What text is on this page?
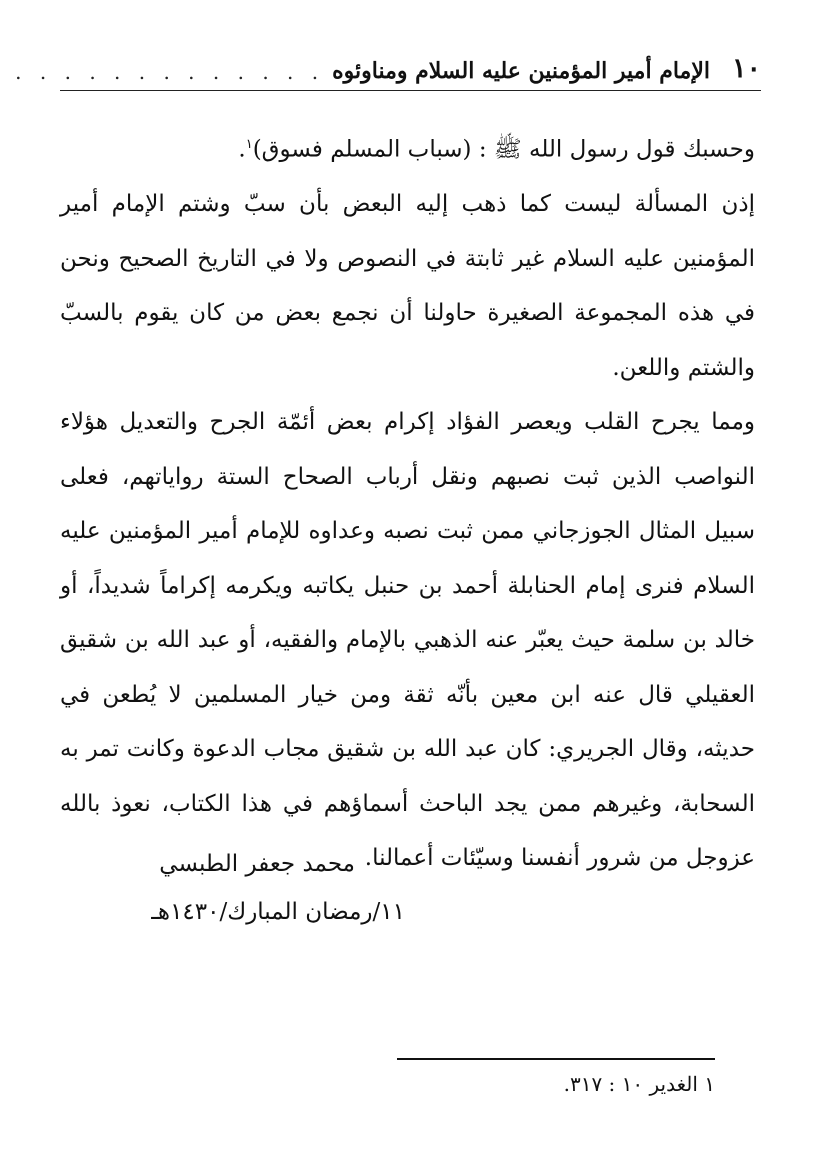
١٠
الإمام أمير المؤمنين عليه السلام ومناوئوه
. . . . . . . . . . . . .

وحسبك قول رسول الله ﷺ : (سباب المسلم فسوق)$^١$.

إذن المسألة ليست كما ذهب إليه البعض بأن سبّ وشتم الإمام أمير المؤمنين عليه السلام غير ثابتة في النصوص ولا في التاريخ الصحيح ونحن في هذه المجموعة الصغيرة حاولنا أن نجمع بعض من كان يقوم بالسبّ والشتم واللعن.

ومما يجرح القلب ويعصر الفؤاد إكرام بعض أئمّة الجرح والتعديل هؤلاء النواصب الذين ثبت نصبهم ونقل أرباب الصحاح الستة رواياتهم، فعلى سبيل المثال الجوزجاني ممن ثبت نصبه وعداوه للإمام أمير المؤمنين عليه السلام فنرى إمام الحنابلة أحمد بن حنبل يكاتبه ويكرمه إكراماً شديداً، أو خالد بن سلمة حيث يعبّر عنه الذهبي بالإمام والفقيه، أو عبد الله بن شقيق العقيلي قال عنه ابن معين بأنّه ثقة ومن خيار المسلمين لا يُطعن في حديثه، وقال الجريري: كان عبد الله بن شقيق مجاب الدعوة وكانت تمر به السحابة، وغيرهم ممن يجد الباحث أسماؤهم في هذا الكتاب، نعوذ بالله عزوجل من شرور أنفسنا وسيّئات أعمالنا.

محمد جعفر الطبسي
١١/رمضان المبارك/١٤٣٠هـ
١ الغدير ١٠ : ٣١٧.
